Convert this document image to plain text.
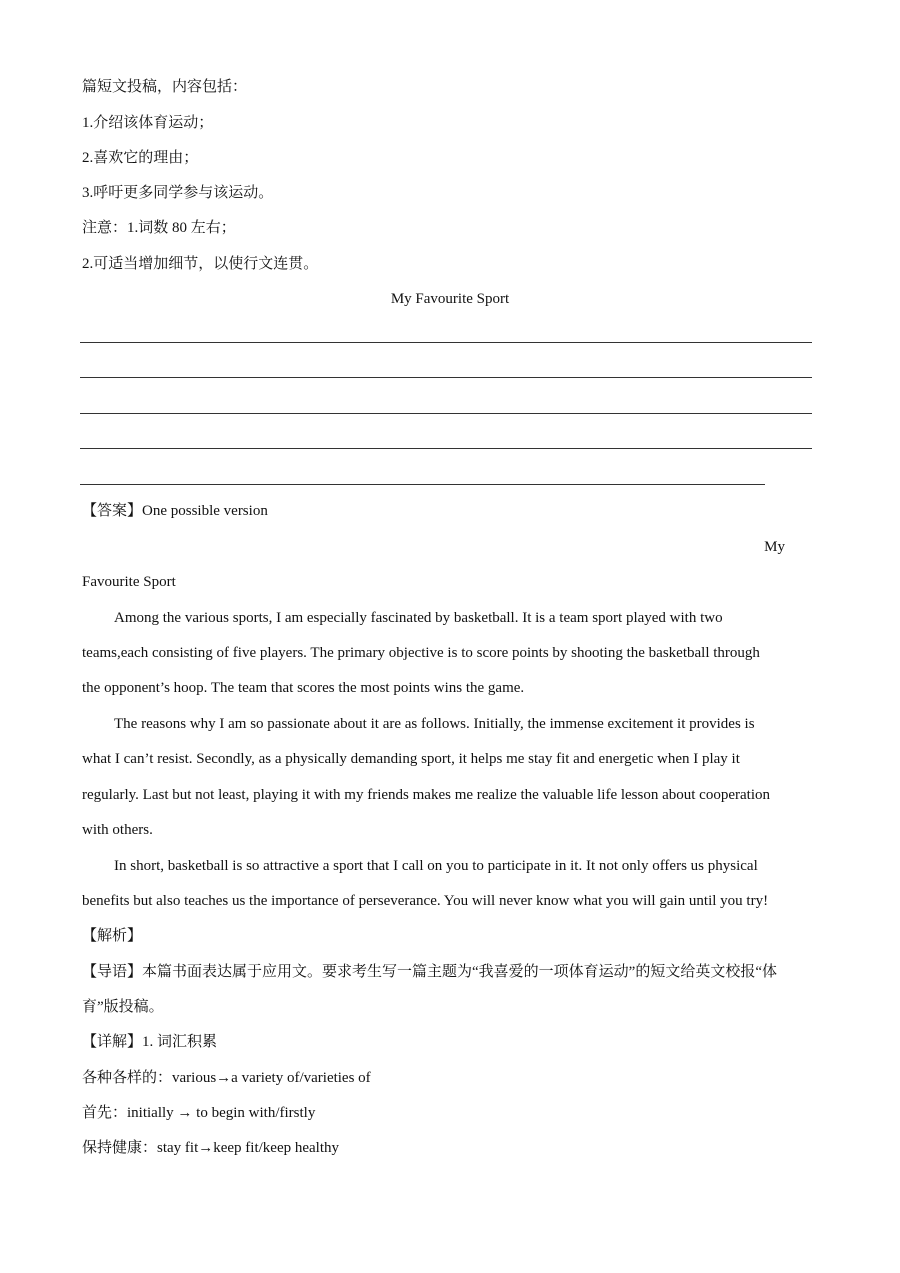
篇短文投稿，内容包括：
1.介绍该体育运动；
2.喜欢它的理由；
3.呼吁更多同学参与该运动。
注意：1.词数 80 左右；
2.可适当增加细节，以使行文连贯。
My Favourite Sport
【答案】One possible version
My
Favourite Sport
Among the various sports, I am especially fascinated by basketball. It is a team sport played with two
teams,each consisting of five players. The primary objective is to score points by shooting the basketball through
the opponent’s hoop. The team that scores the most points wins the game.
The reasons why I am so passionate about it are as follows. Initially, the immense excitement it provides is
what I can’t resist. Secondly, as a physically demanding sport, it helps me stay fit and energetic when I play it
regularly. Last but not least, playing it with my friends makes me realize the valuable life lesson about cooperation
with others.
In short, basketball is so attractive a sport that I call on you to participate in it. It not only offers us physical
benefits but also teaches us the importance of perseverance. You will never know what you will gain until you try!
【解析】
【导语】本篇书面表达属于应用文。要求考生写一篇主题为“我喜爱的一项体育运动”的短文给英文校报“体
育”版投稿。
【详解】1. 词汇积累
各种各样的：various→a variety of/varieties of
首先：initially → to begin with/firstly
保持健康：stay fit→keep fit/keep healthy
